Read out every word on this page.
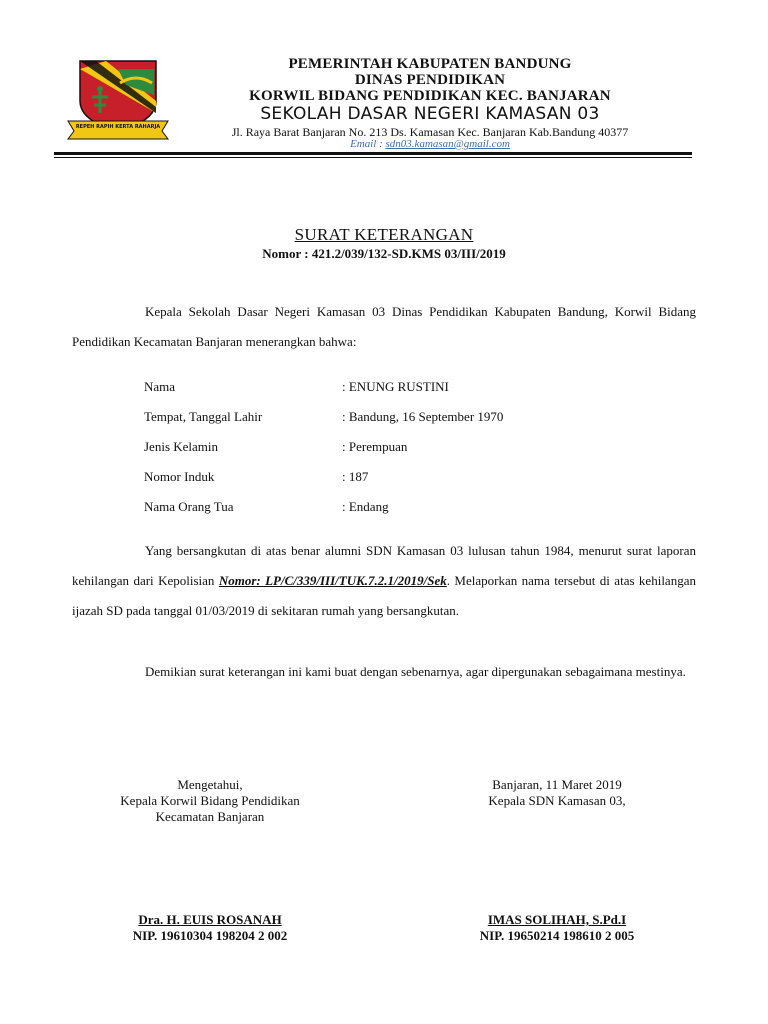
REPEH RAPIH KERTA RAHARJA
PEMERINTAH KABUPATEN BANDUNG
DINAS PENDIDIKAN
KORWIL BIDANG PENDIDIKAN KEC. BANJARAN
SEKOLAH DASAR NEGERI KAMASAN 03
Jl. Raya Barat Banjaran No. 213 Ds. Kamasan Kec. Banjaran Kab.Bandung 40377
Email : sdn03.kamasan@gmail.com
SURAT KETERANGAN
Nomor : 421.2/039/132-SD.KMS 03/III/2019
Kepala Sekolah Dasar Negeri Kamasan 03 Dinas Pendidikan Kabupaten Bandung, Korwil Bidang Pendidikan Kecamatan Banjaran menerangkan bahwa:
Nama	: ENUNG RUSTINI
Tempat, Tanggal Lahir	: Bandung, 16 September 1970
Jenis Kelamin	: Perempuan
Nomor Induk	: 187
Nama Orang Tua	: Endang
Yang bersangkutan di atas benar alumni SDN Kamasan 03 lulusan tahun 1984, menurut surat laporan kehilangan dari Kepolisian Nomor: LP/C/339/III/TUK.7.2.1/2019/Sek. Melaporkan nama tersebut di atas kehilangan ijazah SD pada tanggal 01/03/2019 di sekitaran rumah yang bersangkutan.
Demikian surat keterangan ini kami buat dengan sebenarnya, agar dipergunakan sebagaimana mestinya.
Mengetahui,
Kepala Korwil Bidang Pendidikan
Kecamatan Banjaran
Dra. H. EUIS ROSANAH
NIP. 19610304 198204 2 002
Banjaran, 11 Maret 2019
Kepala SDN Kamasan 03,
IMAS SOLIHAH, S.Pd.I
NIP. 19650214 198610 2 005
